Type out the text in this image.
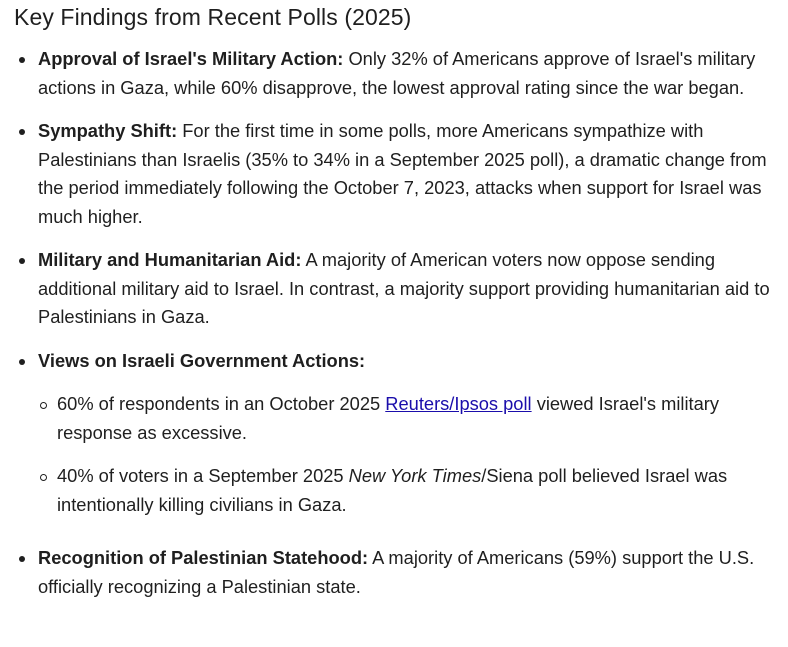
Key Findings from Recent Polls (2025)
Approval of Israel's Military Action: Only 32% of Americans approve of Israel's military actions in Gaza, while 60% disapprove, the lowest approval rating since the war began.
Sympathy Shift: For the first time in some polls, more Americans sympathize with Palestinians than Israelis (35% to 34% in a September 2025 poll), a dramatic change from the period immediately following the October 7, 2023, attacks when support for Israel was much higher.
Military and Humanitarian Aid: A majority of American voters now oppose sending additional military aid to Israel. In contrast, a majority support providing humanitarian aid to Palestinians in Gaza.
Views on Israeli Government Actions:
60% of respondents in an October 2025 Reuters/Ipsos poll viewed Israel's military response as excessive.
40% of voters in a September 2025 New York Times/Siena poll believed Israel was intentionally killing civilians in Gaza.
Recognition of Palestinian Statehood: A majority of Americans (59%) support the U.S. officially recognizing a Palestinian state.
